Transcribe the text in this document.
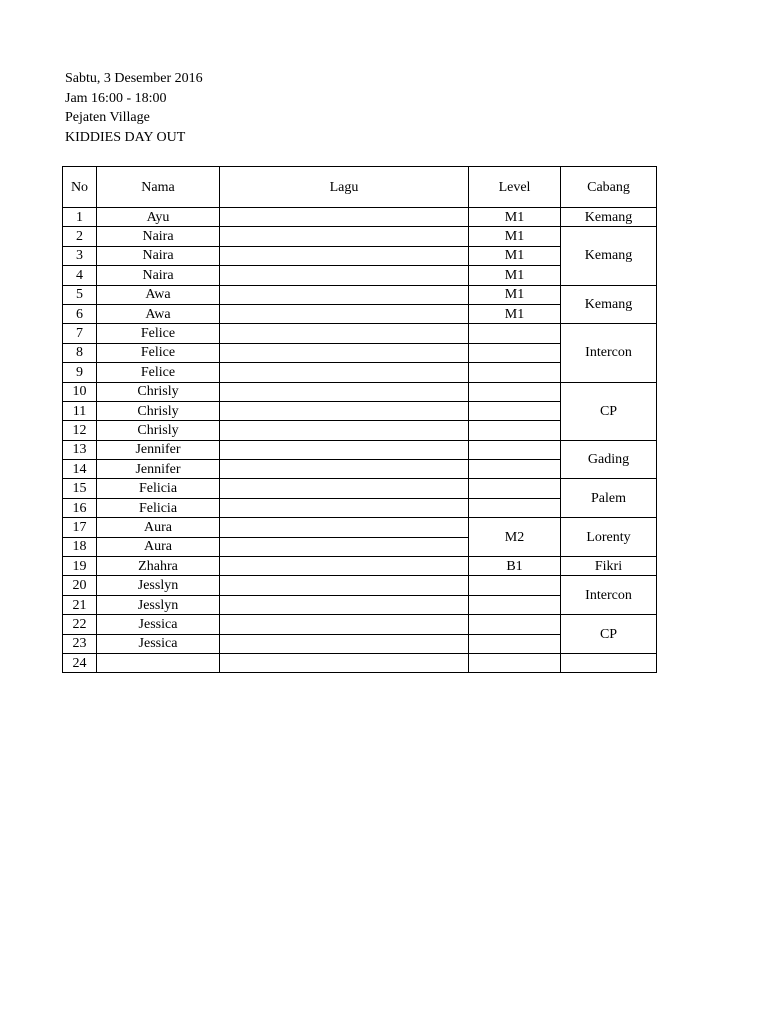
Sabtu, 3 Desember 2016
Jam 16:00 - 18:00
Pejaten Village
KIDDIES DAY OUT
No	Nama	Lagu	Level	Cabang
1	Ayu		M1	Kemang
2	Naira		M1	Kemang
3	Naira		M1	
4	Naira		M1	
5	Awa		M1	Kemang
6	Awa		M1	
7	Felice			Intercon
8	Felice			
9	Felice			
10	Chrisly			CP
11	Chrisly			
12	Chrisly			
13	Jennifer			Gading
14	Jennifer			
15	Felicia			Palem
16	Felicia			
17	Aura		M2	Lorenty
18	Aura			
19	Zhahra		B1	Fikri
20	Jesslyn			Intercon
21	Jesslyn			
22	Jessica			CP
23	Jessica			
24				
